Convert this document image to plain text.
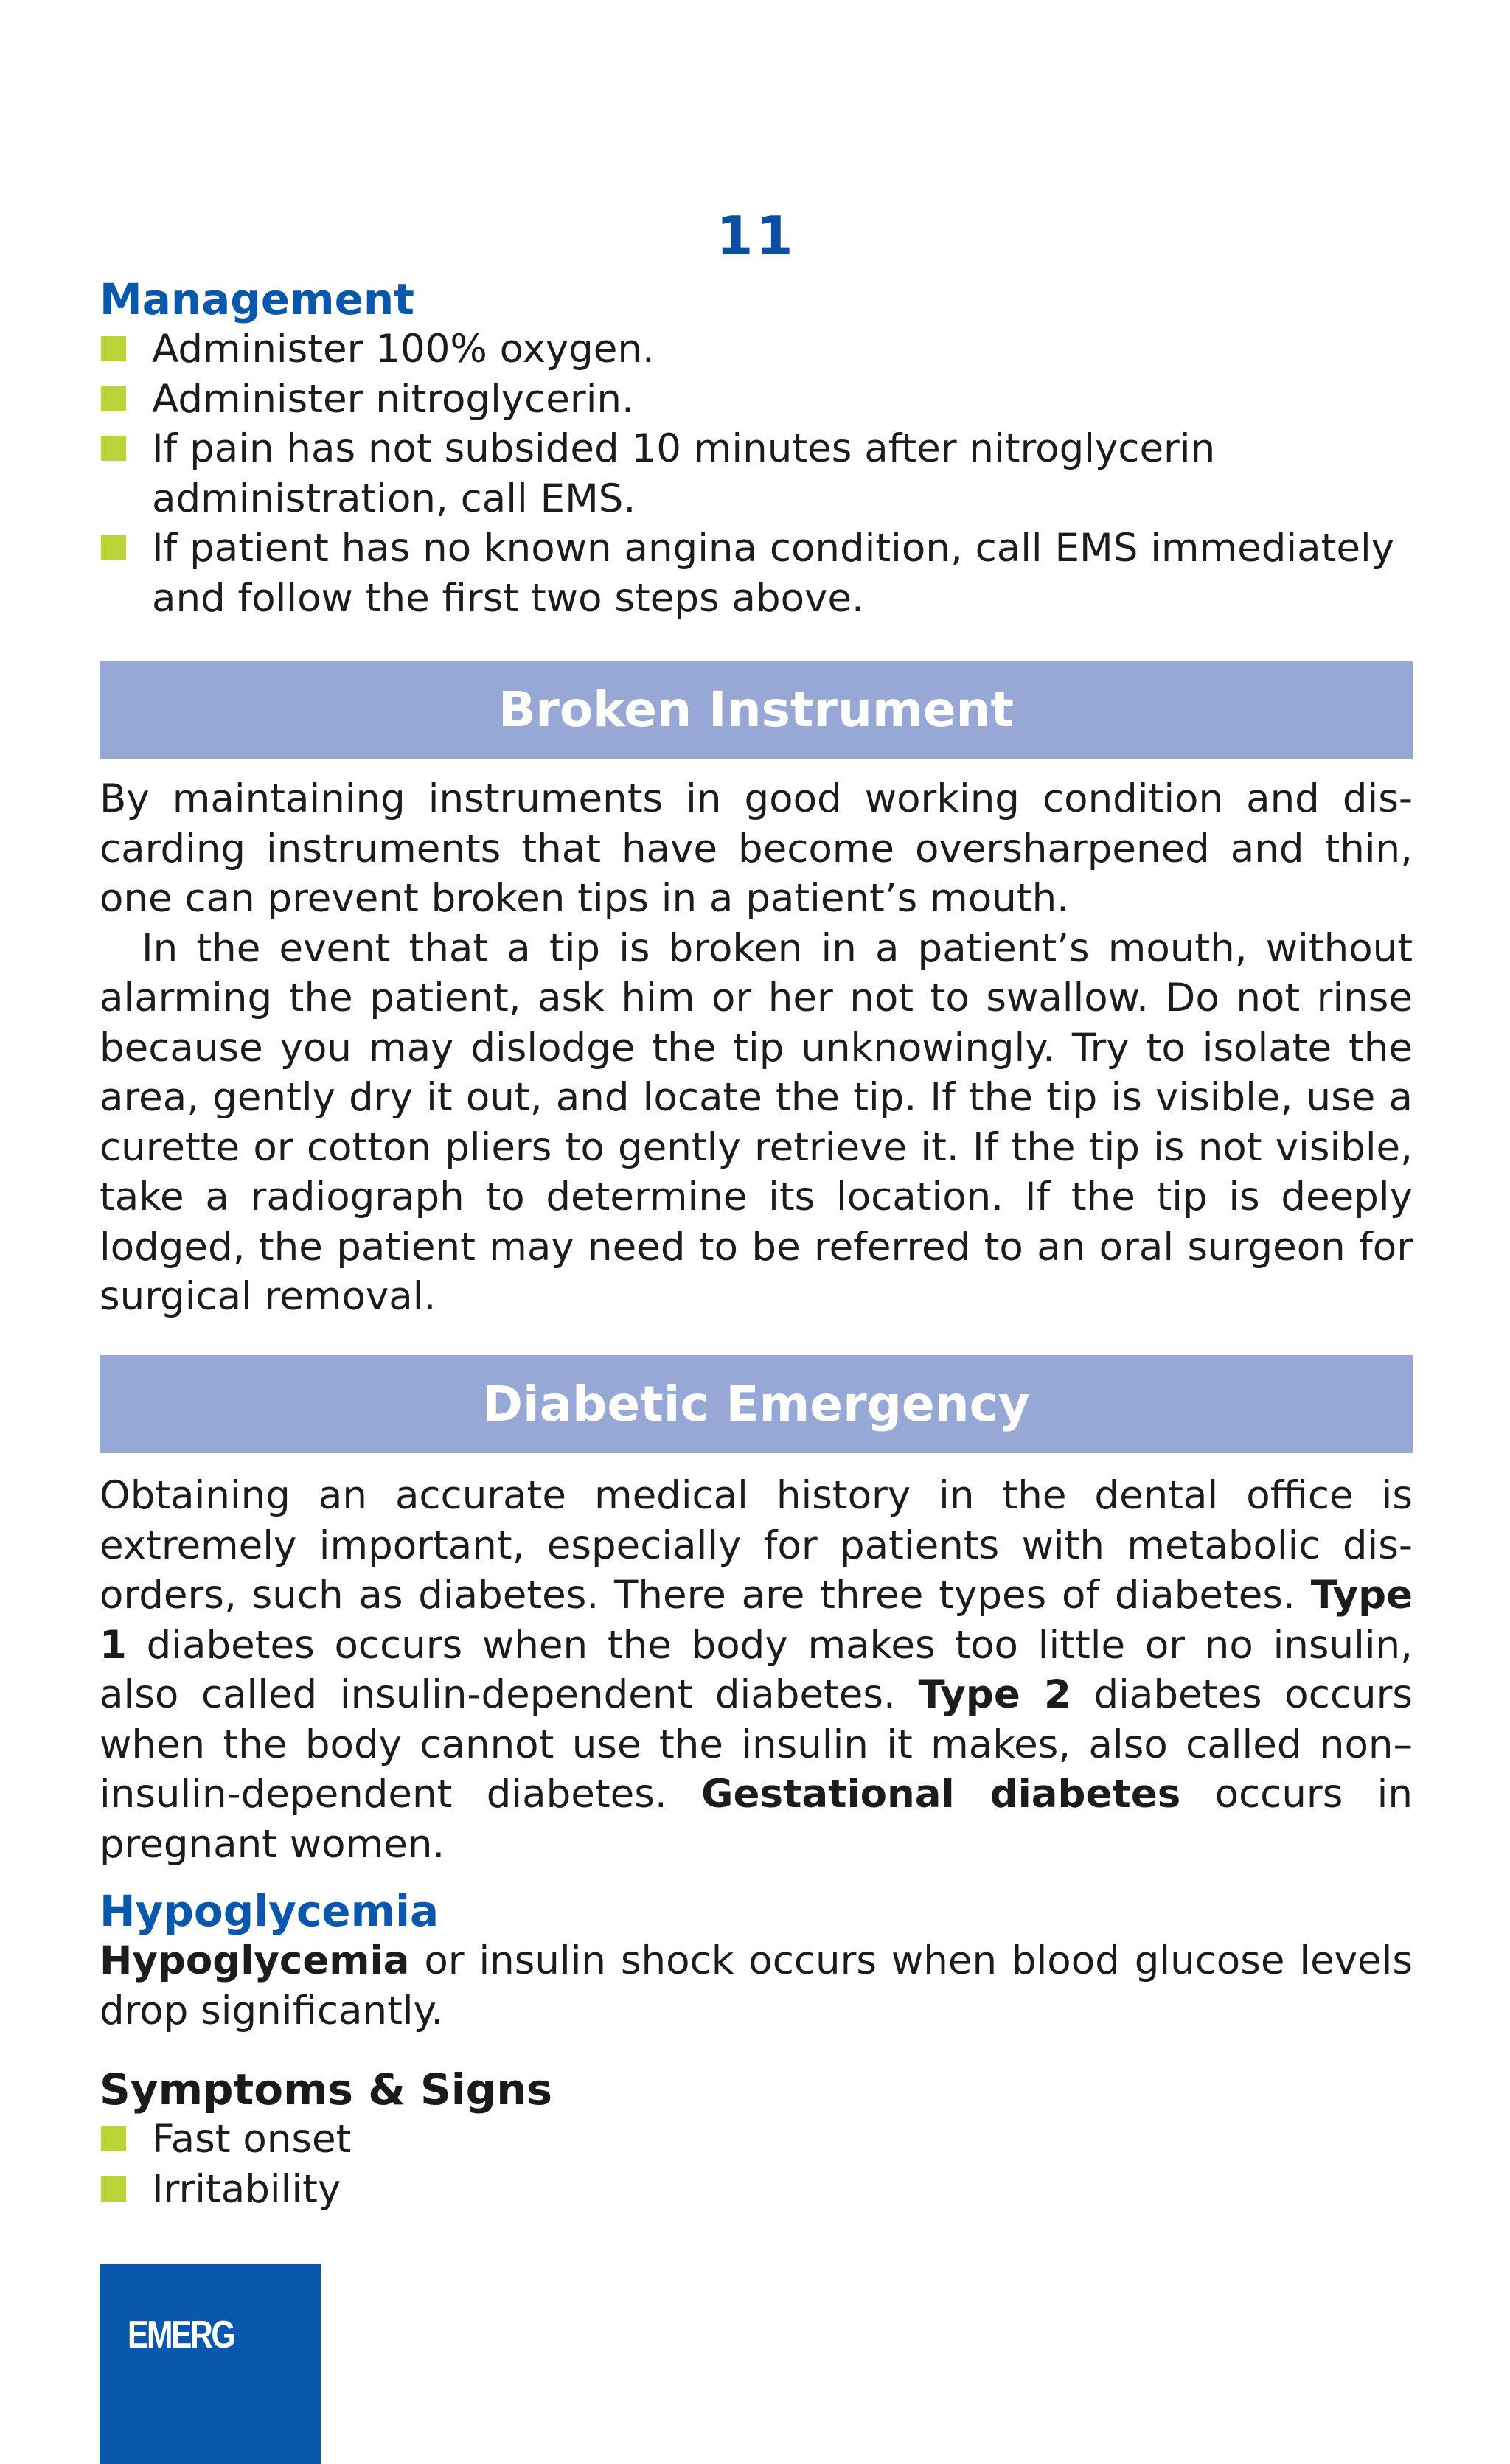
11
Management
Administer 100% oxygen.
Administer nitroglycerin.
If pain has not subsided 10 minutes after nitroglycerin administration, call EMS.
If patient has no known angina condition, call EMS immediately and follow the first two steps above.
Broken Instrument

By maintaining instruments in good working condition and discarding instruments that have become oversharpened and thin, one can prevent broken tips in a patient’s mouth.

In the event that a tip is broken in a patient’s mouth, without alarming the patient, ask him or her not to swallow. Do not rinse because you may dislodge the tip unknowingly. Try to isolate the area, gently dry it out, and locate the tip. If the tip is visible, use a curette or cotton pliers to gently retrieve it. If the tip is not visible, take a radiograph to determine its location. If the tip is deeply lodged, the patient may need to be referred to an oral surgeon for surgical removal.

Diabetic Emergency

Obtaining an accurate medical history in the dental office is extremely important, especially for patients with metabolic disorders, such as diabetes. There are three types of diabetes. Type 1 diabetes occurs when the body makes too little or no insulin, also called insulin-dependent diabetes. Type 2 diabetes occurs when the body cannot use the insulin it makes, also called non–insulin-dependent diabetes. Gestational diabetes occurs in pregnant women.

Hypoglycemia

Hypoglycemia or insulin shock occurs when blood glucose levels drop significantly.

Symptoms & Signs
Fast onset
Irritability
EMERG
